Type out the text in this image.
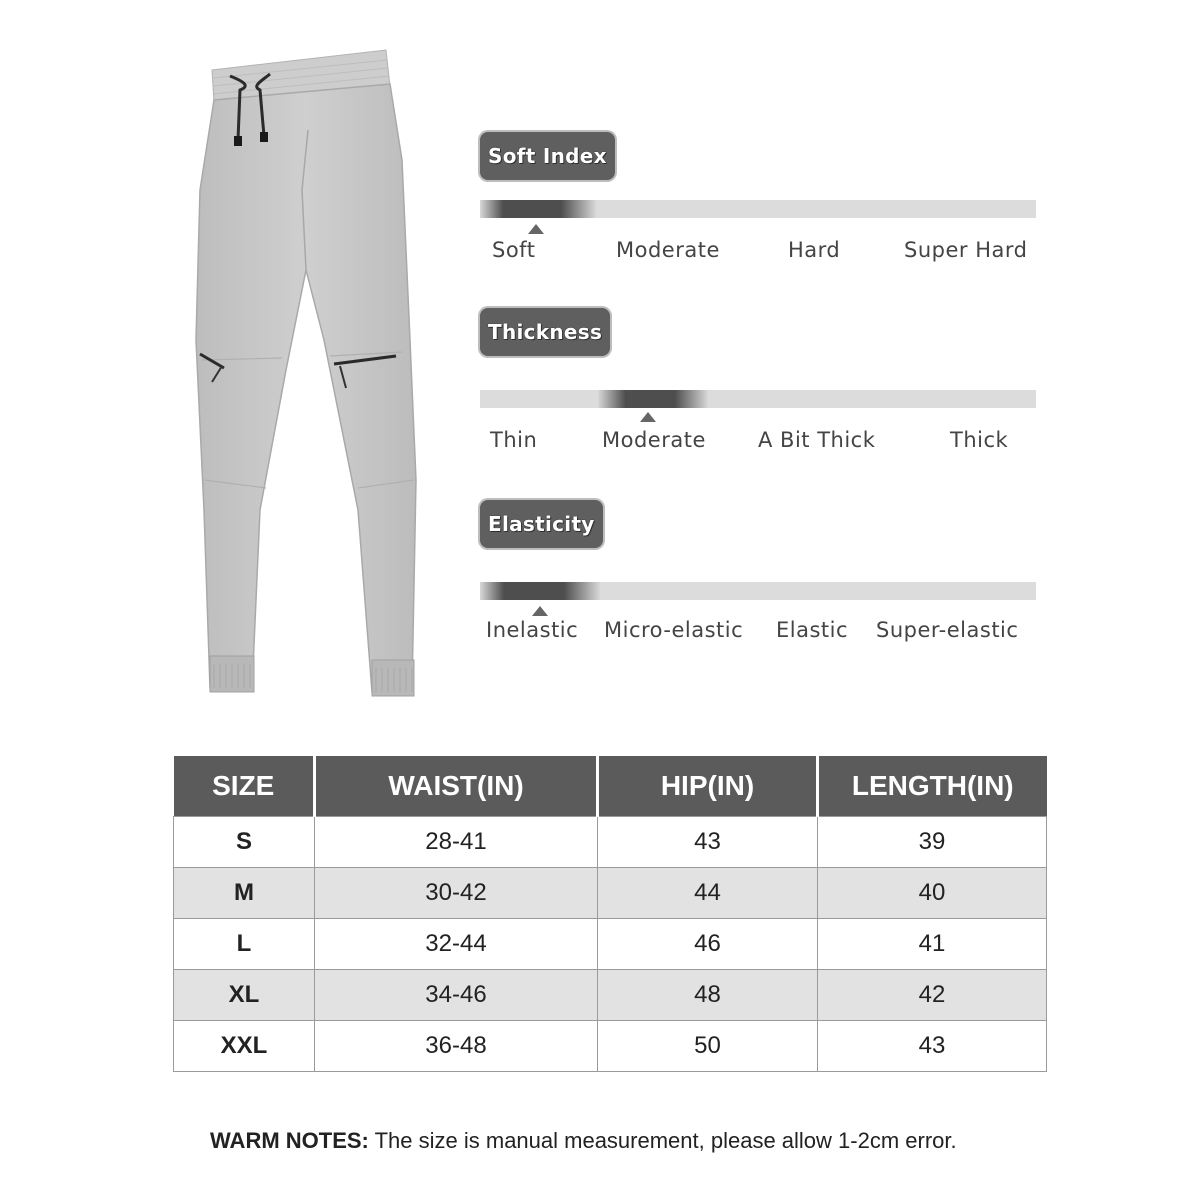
Soft Index
Soft	Moderate	Hard	Super Hard
Thickness
Thin	Moderate A Bit Thick	Thick
Elasticity
Inelastic Micro-elastic Elastic Super-elastic
SIZE	WAIST(IN)	HIP(IN)	LENGTH(IN)
S	28-41	43	39
M	30-42	44	40
L	32-44	46	41
XL	34-46	48	42
XXL	36-48	50	43
WARM NOTES: The size is manual measurement, please allow 1-2cm error.
